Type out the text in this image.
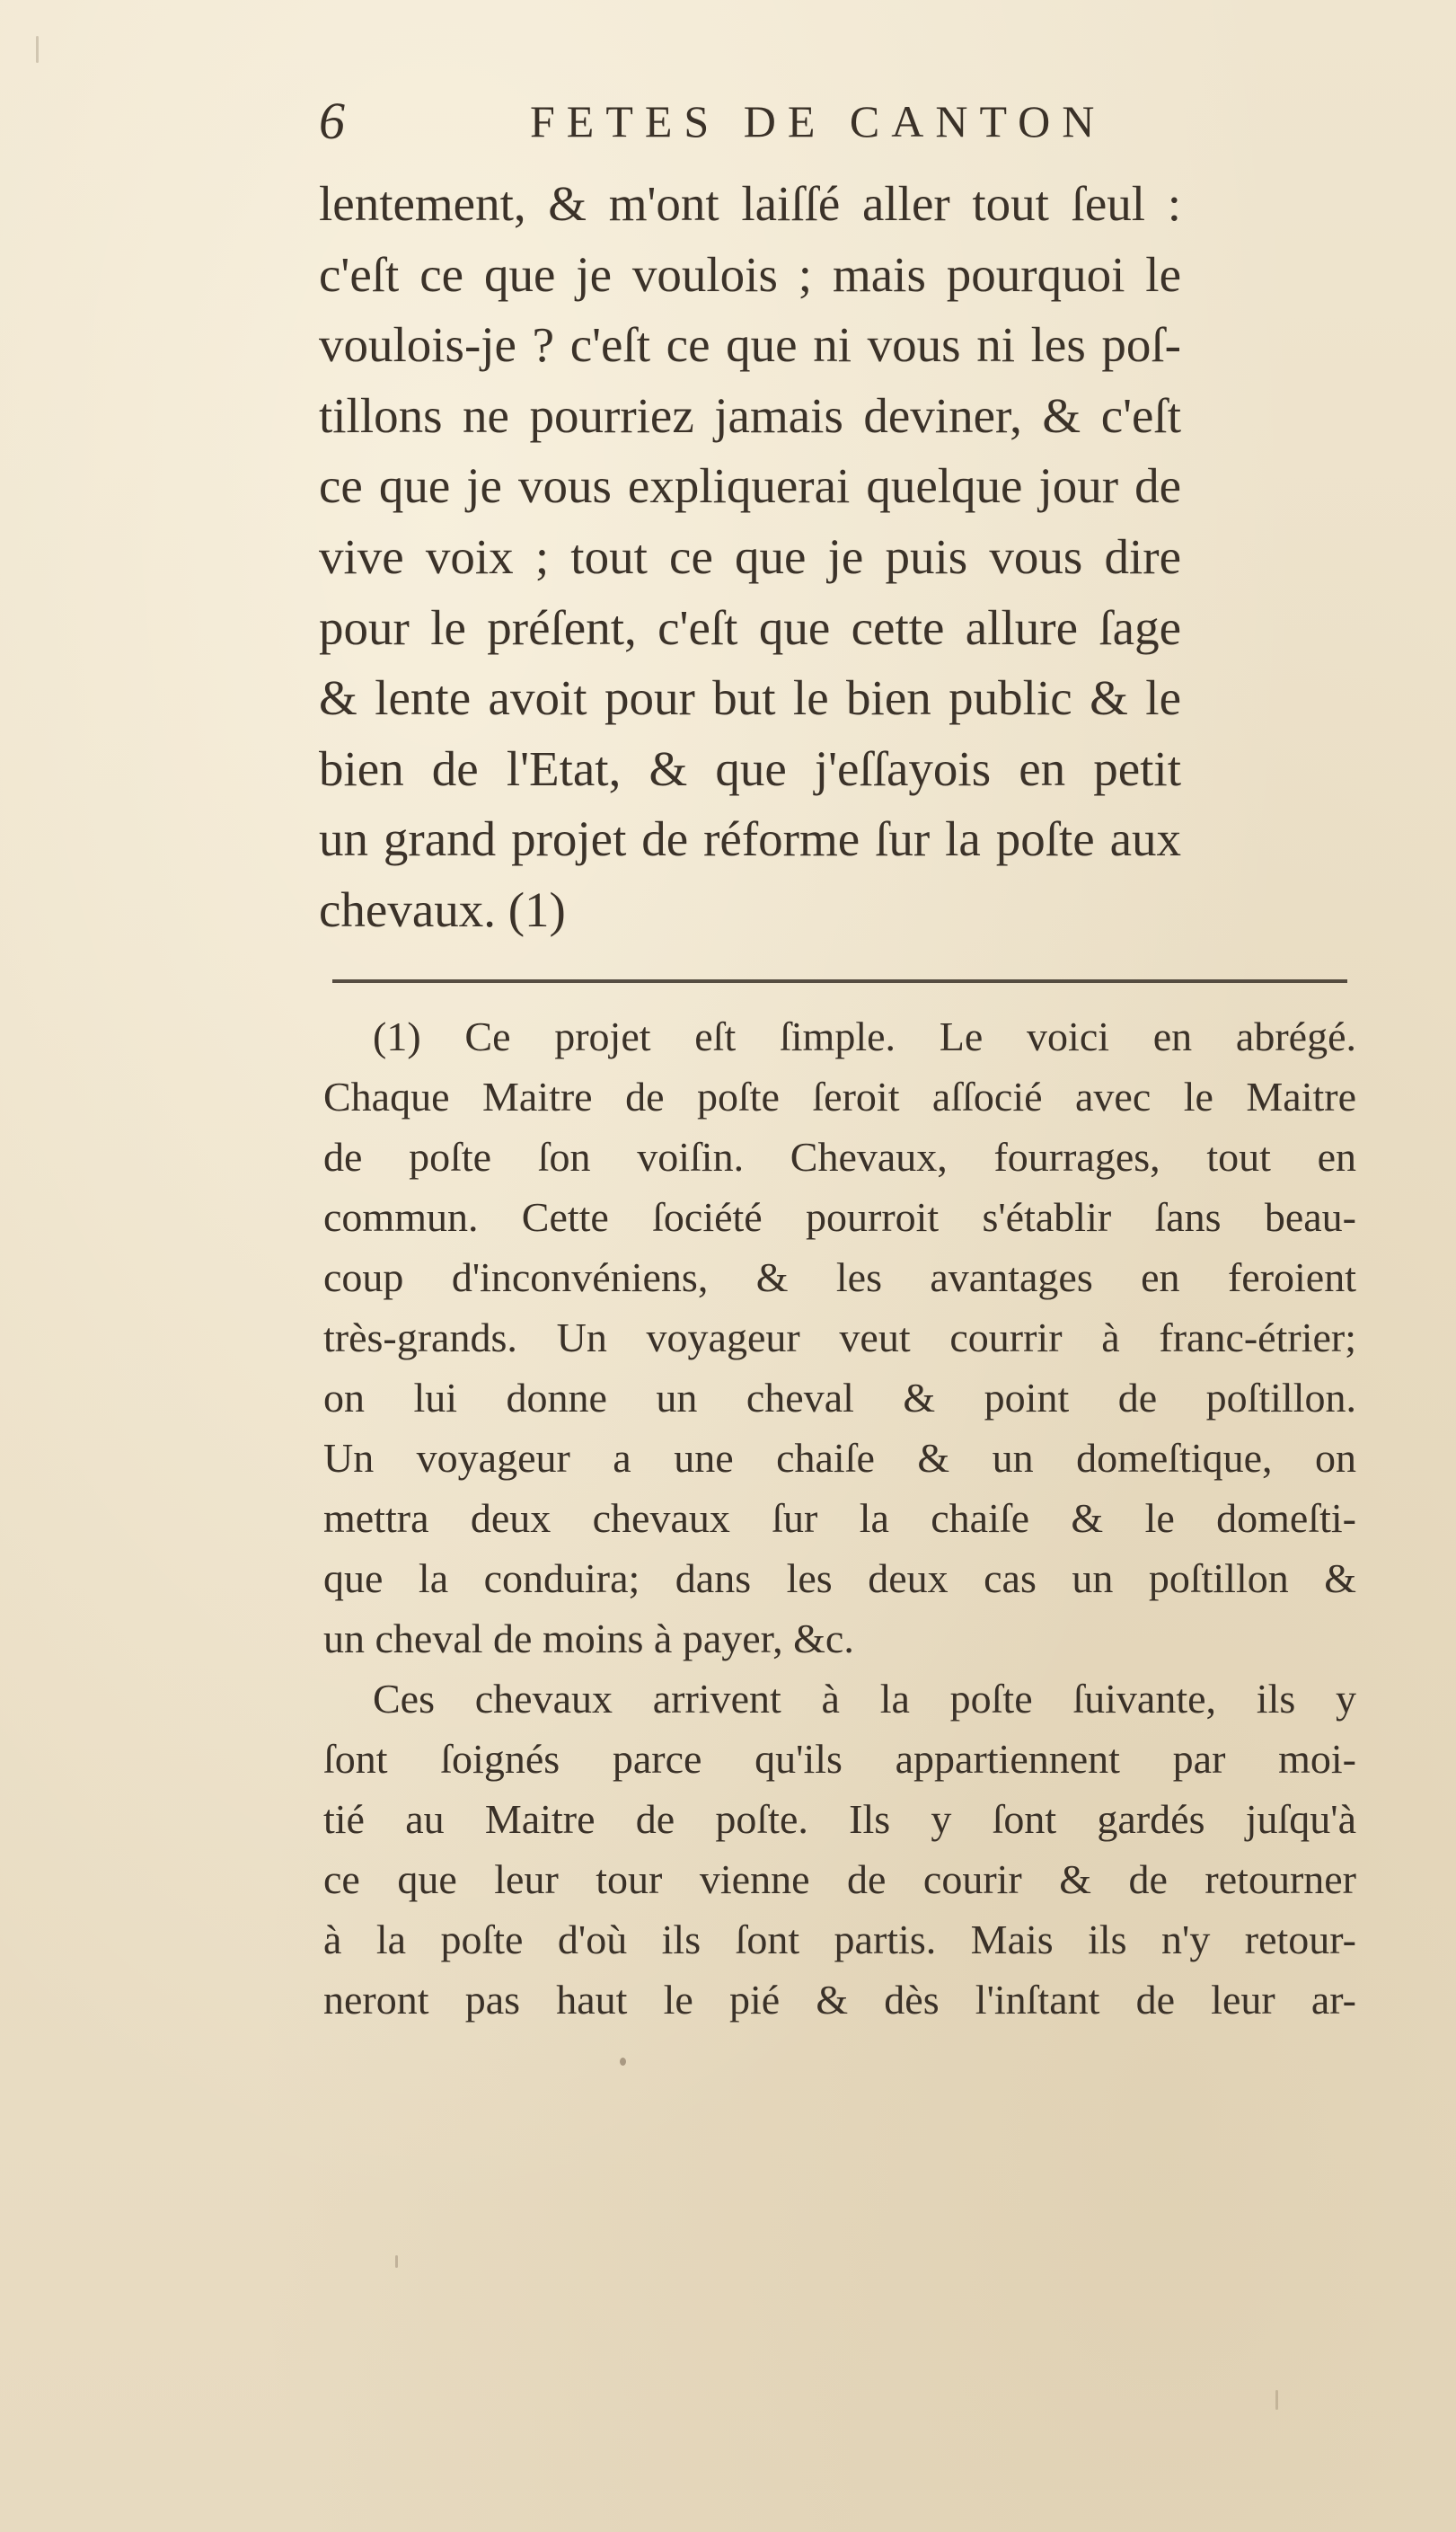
6	FETES DE CANTON
lentement, & m'ont laiſſé aller tout ſeul :
c'eſt ce que je voulois ; mais pourquoi le
voulois-je ? c'eſt ce que ni vous ni les poſ-
tillons ne pourriez jamais deviner, & c'eſt
ce que je vous expliquerai quelque jour de
vive voix ; tout ce que je puis vous dire
pour le préſent, c'eſt que cette allure ſage
& lente avoit pour but le bien public & le
bien de l'Etat, & que j'eſſayois en petit
un grand projet de réforme ſur la poſte aux
chevaux. (1)
(1) Ce projet eſt ſimple. Le voici en abrégé.
Chaque Maitre de poſte ſeroit aſſocié avec le Maitre
de poſte ſon voiſin. Chevaux, fourrages, tout en
commun. Cette ſociété pourroit s'établir ſans beau-
coup d'inconvéniens, & les avantages en feroient
très-grands. Un voyageur veut courrir à franc-étrier;
on lui donne un cheval & point de poſtillon.
Un voyageur a une chaiſe & un domeſtique, on
mettra deux chevaux ſur la chaiſe & le domeſti-
que la conduira; dans les deux cas un poſtillon &
un cheval de moins à payer, &c.
Ces chevaux arrivent à la poſte ſuivante, ils y
ſont ſoignés parce qu'ils appartiennent par moi-
tié au Maitre de poſte. Ils y ſont gardés juſqu'à
ce que leur tour vienne de courir & de retourner
à la poſte d'où ils ſont partis. Mais ils n'y retour-
neront pas haut le pié & dès l'inſtant de leur ar-
